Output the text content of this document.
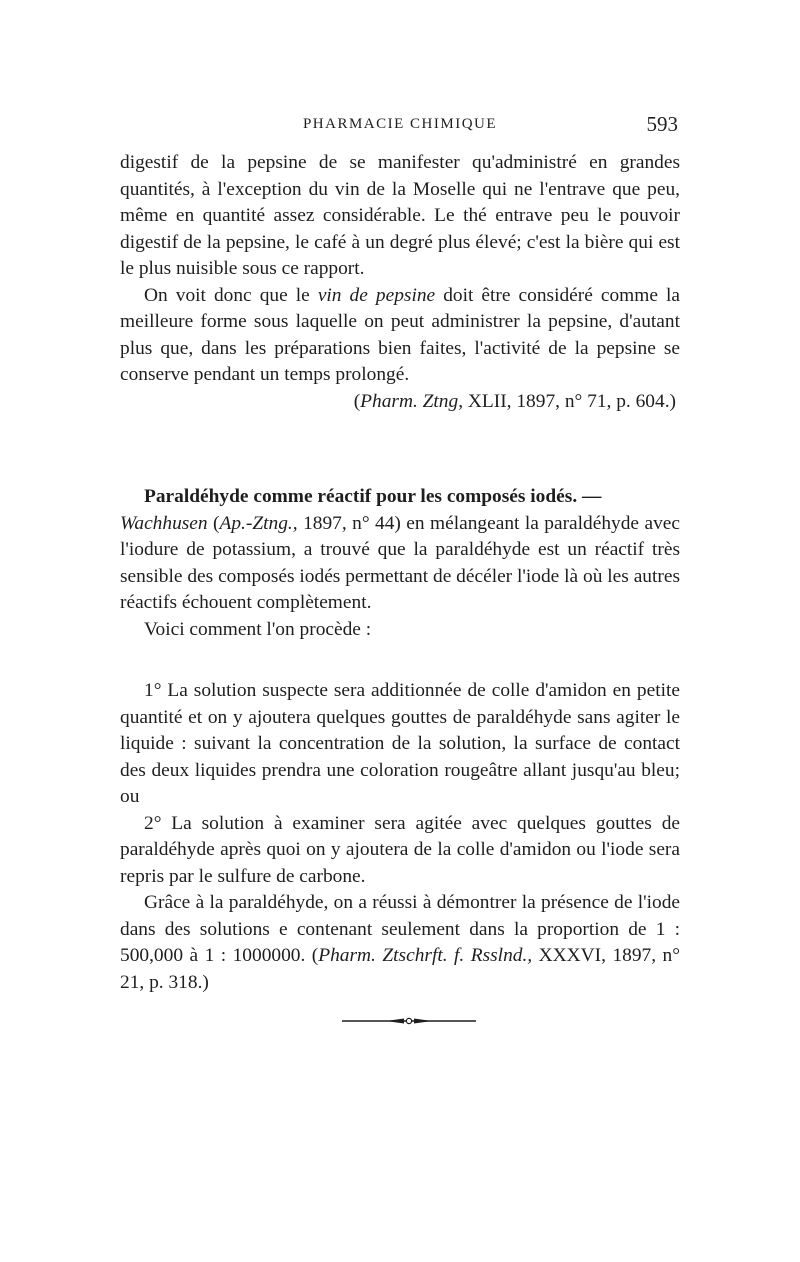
PHARMACIE CHIMIQUE	593

digestif de la pepsine de se manifester qu'administré en grandes quantités, à l'exception du vin de la Moselle qui ne l'entrave que peu, même en quantité assez considérable. Le thé entrave peu le pouvoir digestif de la pepsine, le café à un degré plus élevé; c'est la bière qui est le plus nuisible sous ce rapport.

On voit donc que le vin de pepsine doit être considéré comme la meilleure forme sous laquelle on peut administrer la pepsine, d'autant plus que, dans les préparations bien faites, l'activité de la pepsine se conserve pendant un temps prolongé.

(Pharm. Ztng, XLII, 1897, n° 71, p. 604.)

Paraldéhyde comme réactif pour les composés iodés. —
Wachhusen (Ap.-Ztng., 1897, n° 44) en mélangeant la paraldéhyde avec l'iodure de potassium, a trouvé que la paraldéhyde est un réactif très sensible des composés iodés permettant de décéler l'iode là où les autres réactifs échouent complètement.

Voici comment l'on procède :

1° La solution suspecte sera additionnée de colle d'amidon en petite quantité et on y ajoutera quelques gouttes de paraldéhyde sans agiter le liquide : suivant la concentration de la solution, la surface de contact des deux liquides prendra une coloration rougeâtre allant jusqu'au bleu; ou

2° La solution à examiner sera agitée avec quelques gouttes de paraldéhyde après quoi on y ajoutera de la colle d'amidon ou l'iode sera repris par le sulfure de carbone.

Grâce à la paraldéhyde, on a réussi à démontrer la présence de l'iode dans des solutions e contenant seulement dans la proportion de 1 : 500,000 à 1 : 1000000. (Pharm. Ztschrft. f. Rsslnd., XXXVI, 1897, n° 21, p. 318.)
